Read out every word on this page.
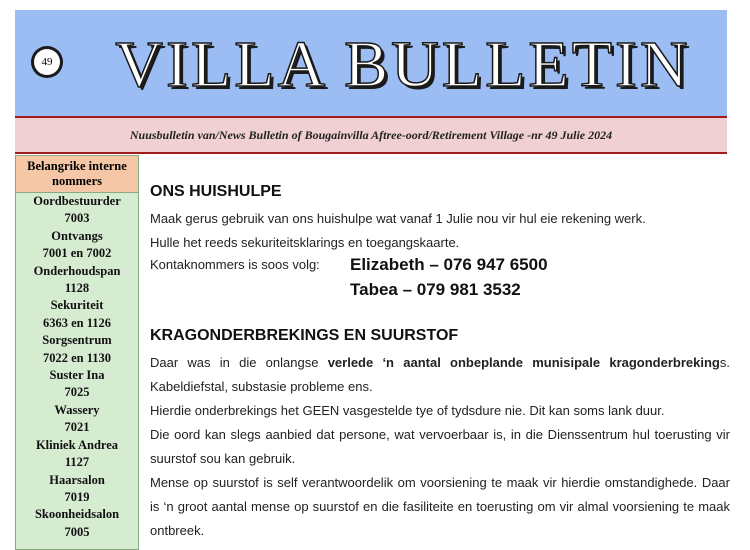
49 VILLA BULLETIN
Nuusbulletin van/News Bulletin of Bougainvilla Aftree-oord/Retirement Village -nr 49 Julie 2024
Belangrike interne nommers
Oordbestuurder
7003
Ontvangs
7001 en 7002
Onderhoudspan
1128
Sekuriteit
6363 en 1126
Sorgsentrum
7022 en 1130
Suster Ina
7025
Wassery
7021
Kliniek Andrea
1127
Haarsalon
7019
Skoonheidsalon
7005
ONS HUISHULPE
Maak gerus gebruik van ons huishulpe wat vanaf 1 Julie nou vir hul eie rekening werk.
Hulle het reeds sekuriteitsklarings en toegangskaarte.
Kontaknommers is soos volg: Elizabeth – 076 947 6500
Tabea – 079 981 3532
KRAGONDERBREKINGS EN SUURSTOF
Daar was in die onlangse verlede ‘n aantal onbeplande munisipale kragonderbrekings. Kabeldiefstal, substasie probleme ens.
Hierdie onderbrekings het GEEN vasgestelde tye of tydsdure nie. Dit kan soms lank duur.
Die oord kan slegs aanbied dat persone, wat vervoerbaar is, in die Dienssentrum hul toerusting vir suurstof sou kan gebruik.
Mense op suurstof is self verantwoordelik om voorsiening te maak vir hierdie omstandighede. Daar is ‘n groot aantal mense op suurstof en die fasiliteite en toerusting om vir almal voorsiening te maak ontbreek.
